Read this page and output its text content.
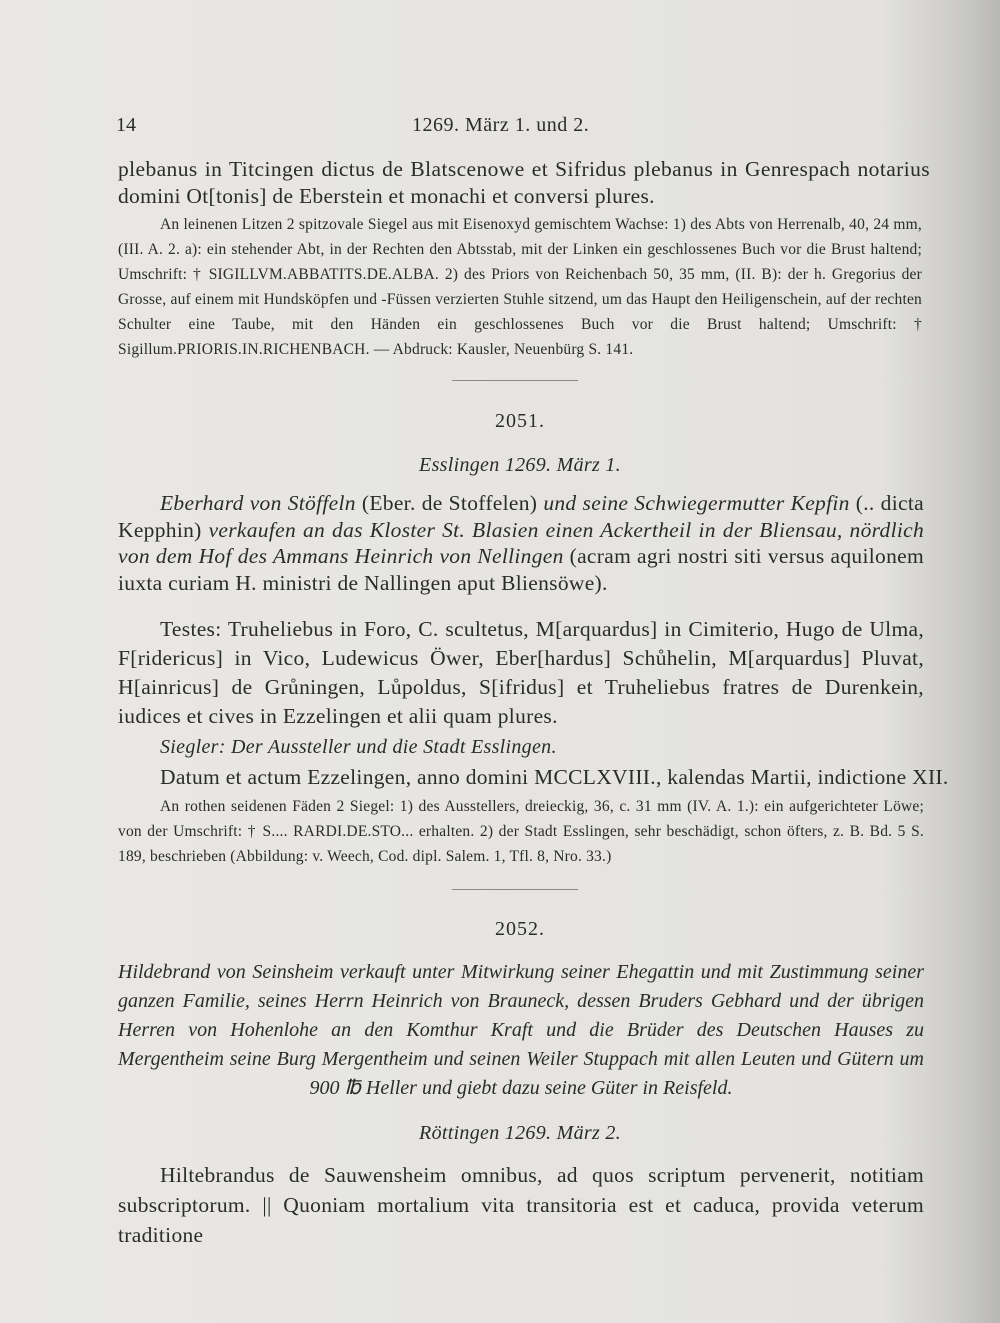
14	1269. März 1. und 2.

plebanus in Titcingen dictus de Blatscenowe et Sifridus plebanus in Genrespach notarius

domini Ot[tonis] de Eberstein et monachi et conversi plures.

An leinenen Litzen 2 spitzovale Siegel aus mit Eisenoxyd gemischtem Wachse: 1) des Abts von Herrenalb, 40, 24 mm, (III. A. 2. a): ein stehender Abt, in der Rechten den Abtsstab, mit der Linken ein geschlossenes Buch vor die Brust haltend; Umschrift: † SIGILLVM.ABBATITS.DE.ALBA. 2) des Priors von Reichenbach 50, 35 mm, (II. B): der h. Gregorius der Grosse, auf einem mit Hundsköpfen und -Füssen verzierten Stuhle sitzend, um das Haupt den Heiligenschein, auf der rechten Schulter eine Taube, mit den Händen ein geschlossenes Buch vor die Brust haltend; Umschrift: † Sigillum.PRIORIS.IN.RICHENBACH. — Abdruck: Kausler, Neuenbürg S. 141.
2051.
Esslingen 1269. März 1.
Eberhard von Stöffeln (Eber. de Stoffelen) und seine Schwiegermutter Kepfin (.. dicta Kepphin) verkaufen an das Kloster St. Blasien einen Ackertheil in der Bliensau, nördlich von dem Hof des Ammans Heinrich von Nellingen (acram agri nostri siti versus aquilonem iuxta curiam H. ministri de Nallingen aput Bliensöwe).
Testes: Truheliebus in Foro, C. scultetus, M[arquardus] in Cimiterio, Hugo de Ulma, F[ridericus] in Vico, Ludewicus Öwer, Eber[hardus] Schůhelin, M[arquardus] Pluvat, H[ainricus] de Grůningen, Lůpoldus, S[ifridus] et Truheliebus fratres de Durenkein, iudices et cives in Ezzelingen et alii quam plures.
Siegler: Der Aussteller und die Stadt Esslingen.
Datum et actum Ezzelingen, anno domini MCCLXVIII., kalendas Martii, indictione XII.
An rothen seidenen Fäden 2 Siegel: 1) des Ausstellers, dreieckig, 36, c. 31 mm (IV. A. 1.): ein aufgerichteter Löwe; von der Umschrift: † S.... RARDI.DE.STO... erhalten. 2) der Stadt Esslingen, sehr beschädigt, schon öfters, z. B. Bd. 5 S. 189, beschrieben (Abbildung: v. Weech, Cod. dipl. Salem. 1, Tfl. 8, Nro. 33.)
2052.
Hildebrand von Seinsheim verkauft unter Mitwirkung seiner Ehegattin und mit Zustimmung seiner ganzen Familie, seines Herrn Heinrich von Brauneck, dessen Bruders Gebhard und der übrigen Herren von Hohenlohe an den Komthur Kraft und die Brüder des Deutschen Hauses zu Mergentheim seine Burg Mergentheim und seinen Weiler Stuppach mit allen Leuten und Gütern um 900 ℔ Heller und giebt dazu seine Güter in Reisfeld.
Röttingen 1269. März 2.
Hiltebrandus de Sauwensheim omnibus, ad quos scriptum pervenerit, notitiam subscriptorum. || Quoniam mortalium vita transitoria est et caduca, provida veterum traditione
